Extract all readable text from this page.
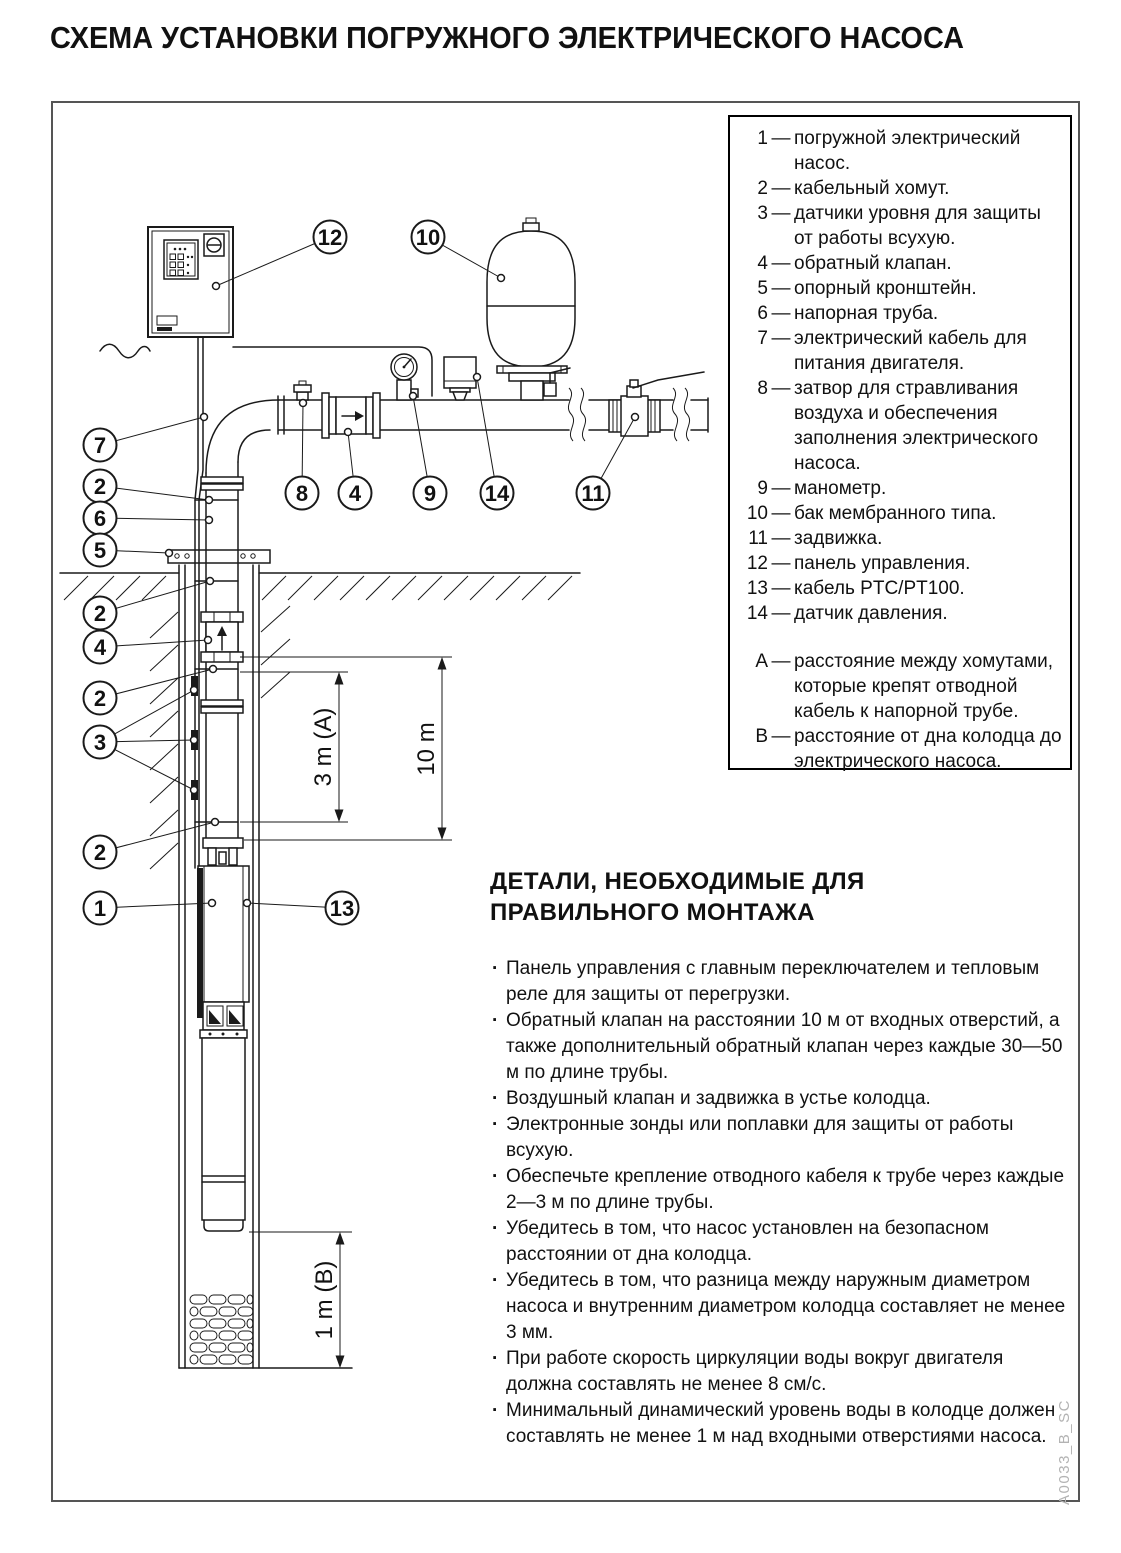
СХЕМА УСТАНОВКИ ПОГРУЖНОГО ЭЛЕКТРИЧЕСКОГО НАСОСА
3 m (A)	10 m
1 m (B)
12	10
7
2
6
5
2
4
2
3
2
1	13
8 4	9 14	11
A0033_B_SC
1 — погружной электрический насос.
2 — кабельный хомут.
3 — датчики уровня для защиты от работы всухую.
4 — обратный клапан.
5 — опорный кронштейн.
6 — напорная труба.
7 — электрический кабель для питания двигателя.
8 — затвор для стравливания воздуха и обеспечения заполнения электрического насоса.
9 — манометр.
10 — бак мембранного типа.
11 — задвижка.
12 — панель управления.
13 — кабель PTC/PT100.
14 — датчик давления.
А — расстояние между хомутами, которые крепят отводной кабель к напорной трубе.
В — расстояние от дна колодца до электрического насоса.
ДЕТАЛИ, НЕОБХОДИМЫЕ ДЛЯ ПРАВИЛЬНОГО МОНТАЖА
· Панель управления с главным переключателем и тепловым реле для защиты от перегрузки.
· Обратный клапан на расстоянии 10 м от входных отверстий, а также дополнительный обратный клапан через каждые 30—50 м по длине трубы.
· Воздушный клапан и задвижка в устье колодца.
· Электронные зонды или поплавки для защиты от работы всухую.
· Обеспечьте крепление отводного кабеля к трубе через каждые 2—3 м по длине трубы.
· Убедитесь в том, что насос установлен на безопасном расстоянии от дна колодца.
· Убедитесь в том, что разница между наружным диаметром насоса и внутренним диаметром колодца составляет не менее 3 мм.
· При работе скорость циркуляции воды вокруг двигателя должна составлять не менее 8 см/с.
· Минимальный динамический уровень воды в колодце должен составлять не менее 1 м над входными отверстиями насоса.
